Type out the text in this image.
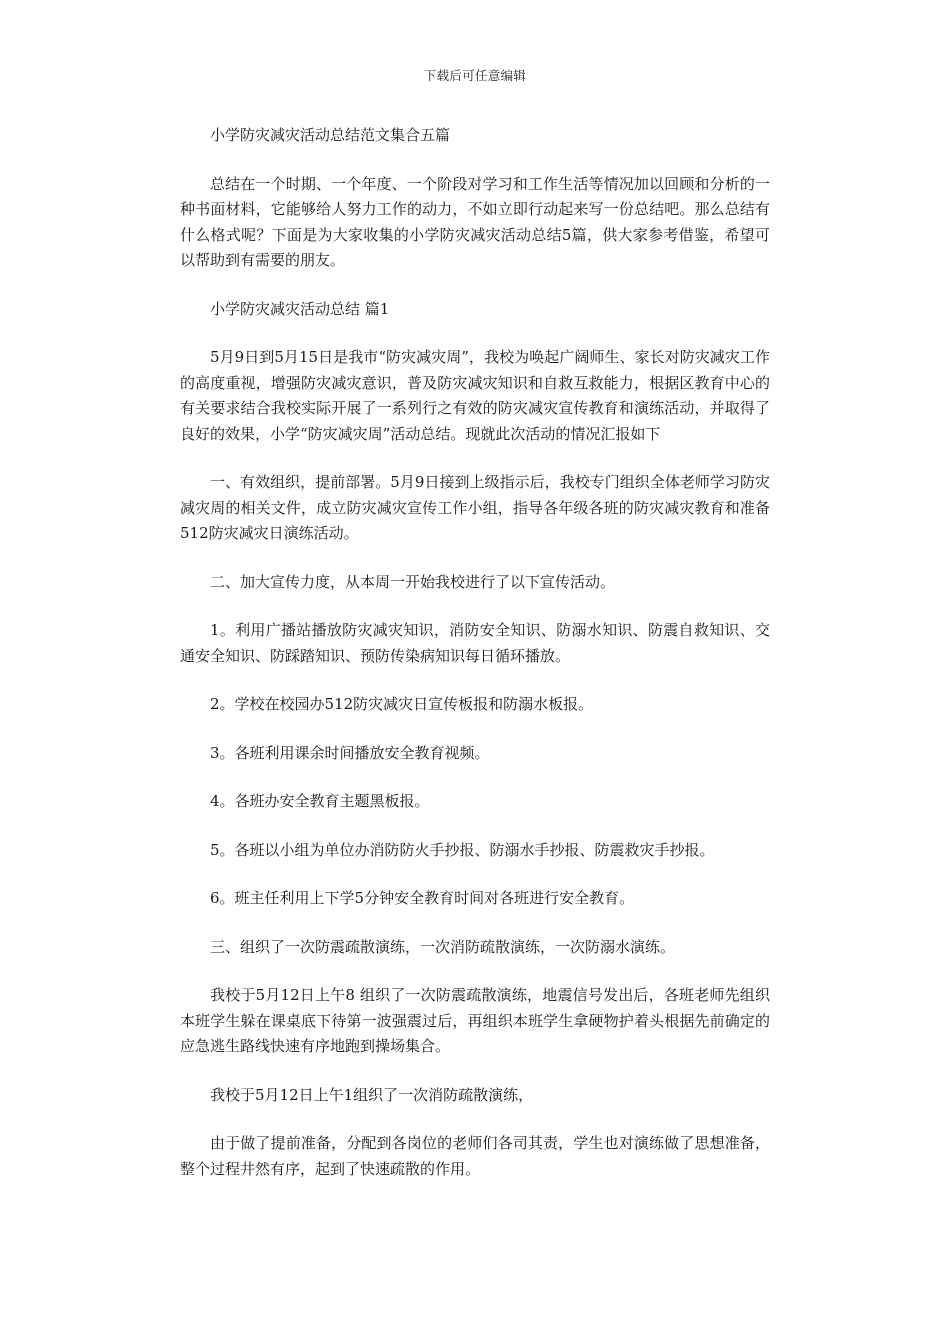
下载后可任意编辑

小学防灾减灾活动总结范文集合五篇

总结在一个时期、一个年度、一个阶段对学习和工作生活等情况加以回顾和分析的一种书面材料，它能够给人努力工作的动力，不如立即行动起来写一份总结吧。那么总结有什么格式呢？下面是为大家收集的小学防灾减灾活动总结5篇，供大家参考借鉴，希望可以帮助到有需要的朋友。

小学防灾减灾活动总结 篇1

5月9日到5月15日是我市“防灾减灾周”，我校为唤起广阔师生、家长对防灾减灾工作的高度重视，增强防灾减灾意识，普及防灾减灾知识和自救互救能力，根据区教育中心的有关要求结合我校实际开展了一系列行之有效的防灾减灾宣传教育和演练活动，并取得了良好的效果，小学“防灾减灾周”活动总结。现就此次活动的情况汇报如下

一、有效组织，提前部署。5月9日接到上级指示后，我校专门组织全体老师学习防灾减灾周的相关文件，成立防灾减灾宣传工作小组，指导各年级各班的防灾减灾教育和准备512防灾减灾日演练活动。

二、加大宣传力度，从本周一开始我校进行了以下宣传活动。

1。利用广播站播放防灾减灾知识，消防安全知识、防溺水知识、防震自救知识、交通安全知识、防踩踏知识、预防传染病知识每日循环播放。

2。学校在校园办512防灾减灾日宣传板报和防溺水板报。

3。各班利用课余时间播放安全教育视频。

4。各班办安全教育主题黑板报。

5。各班以小组为单位办消防防火手抄报、防溺水手抄报、防震救灾手抄报。

6。班主任利用上下学5分钟安全教育时间对各班进行安全教育。

三、组织了一次防震疏散演练，一次消防疏散演练，一次防溺水演练。

我校于5月12日上午8 组织了一次防震疏散演练，地震信号发出后，各班老师先组织本班学生躲在课桌底下待第一波强震过后，再组织本班学生拿硬物护着头根据先前确定的应急逃生路线快速有序地跑到操场集合。

我校于5月12日上午1组织了一次消防疏散演练，

由于做了提前准备，分配到各岗位的老师们各司其责，学生也对演练做了思想准备，整个过程井然有序，起到了快速疏散的作用。
